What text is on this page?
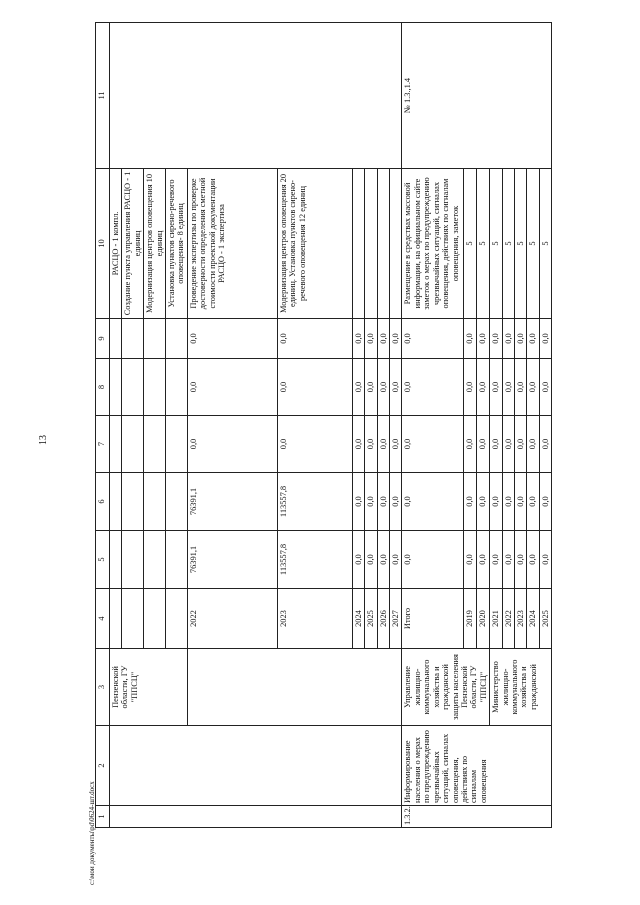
13
c:\мои документы\pd\0624-шт.docx 1	2	3	4	5	6	7	8	9	10	11
		Пензенской области, ГУ "ППСЦ"							РАСЦО - 1 компл.	
									Создание пункта управления РАСЦО - 1 единиц	
									Модернизация центров оповещения 10 единиц	
									Установка пунктов сирено-речевого оповещения- 8 единиц	
			2022	76391,1	76391,1	0,0	0,0	0,0	Проведение экспертизы по проверке достоверности определения сметной стоимости проектной документации РАСЦО - 1 экспертиза	
			2023	113557,8	113557,8	0,0	0,0	0,0	Модернизация центров оповещения 20 единиц. Установка пунктов сирено-речевого оповещения 12 единиц	
			2024	0,0	0,0	0,0	0,0	0,0		
			2025	0,0	0,0	0,0	0,0	0,0		
			2026	0,0	0,0	0,0	0,0	0,0		
			2027	0,0	0,0	0,0	0,0	0,0		
1.3.2.	Информирование населения о мерах по предупреждению чрезвычайных ситуаций, сигналах оповещения, действиях по сигналам оповещения	Управление жилищно-коммунального хозяйства и гражданской защиты населения Пензенской области, ГУ "ППСЦ"	Итого	0,0	0,0	0,0	0,0	0,0	Размещение в средствах массовой информации, на официальном сайте заметок о мерах по предупреждению чрезвычайных ситуаций, сигналах оповещения, действиях по сигналам оповещения, заметок	№ 1.3.,1.4
			2019	0,0	0,0	0,0	0,0	0,0	5	
			2020	0,0	0,0	0,0	0,0	0,0	5	
		Министерство жилищно-коммунального хозяйства и гражданской	2021	0,0	0,0	0,0	0,0	0,0	5	
			2022	0,0	0,0	0,0	0,0	0,0	5	
			2023	0,0	0,0	0,0	0,0	0,0	5	
			2024	0,0	0,0	0,0	0,0	0,0	5	
			2025	0,0	0,0	0,0	0,0	0,0	5	
